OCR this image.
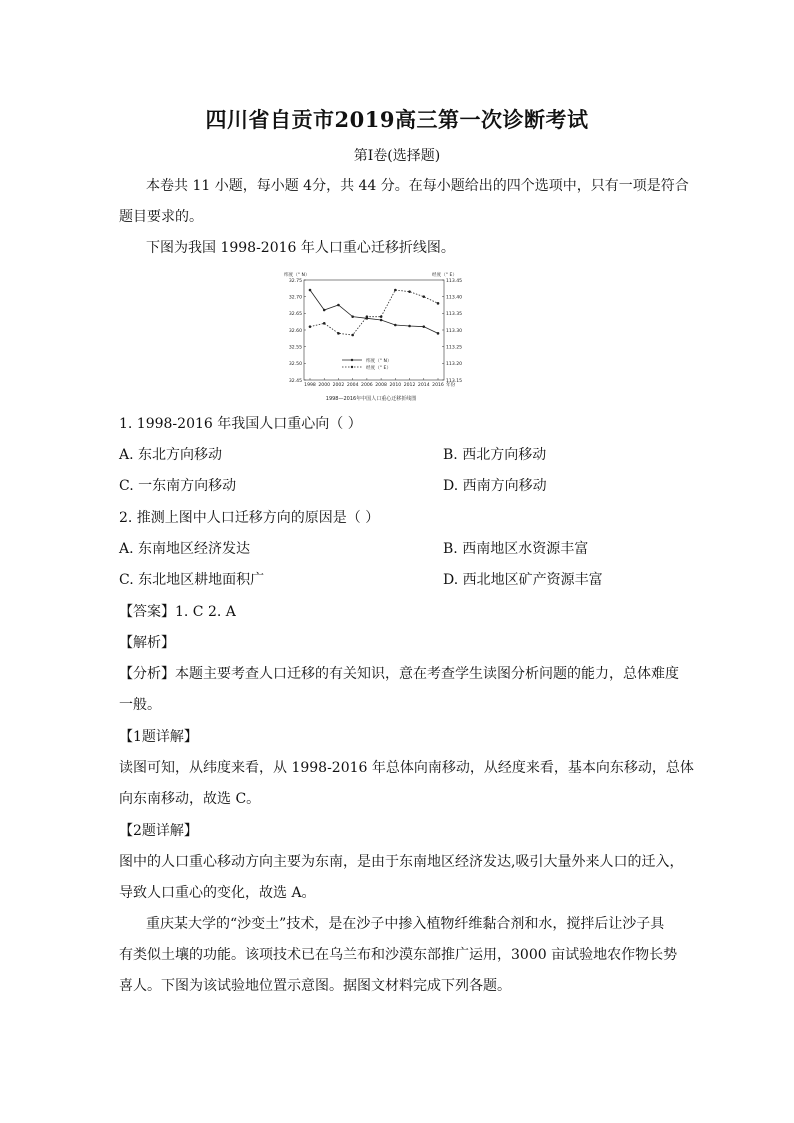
四川省自贡市2019高三第一次诊断考试
第I卷(选择题)
本卷共 11 小题，每小题 4分，共 44 分。在每小题给出的四个选项中，只有一项是符合
题目要求的。
下图为我国 1998-2016 年人口重心迁移折线图。
32.75
32.70
32.65
32.60
32.55
32.50
32.45
113.45
113.40
113.35
113.30
113.25
113.20
113.15
1998 2000 2002 2004 2006 2008 2010 2012 2014 2016 年份
纬度（° N）	经度（° E）
纬度（° N）
经度（° E）
1998—2016年中国人口重心迁移折线图
1. 1998-2016 年我国人口重心向（ ）
A. 东北方向移动	B. 西北方向移动
C. 一东南方向移动	D. 西南方向移动
2. 推测上图中人口迁移方向的原因是（ ）
A. 东南地区经济发达	B. 西南地区水资源丰富
C. 东北地区耕地面积广	D. 西北地区矿产资源丰富
【答案】1. C 2. A
【解析】
【分析】本题主要考查人口迁移的有关知识，意在考查学生读图分析问题的能力，总体难度
一般。
【1题详解】
读图可知，从纬度来看，从 1998-2016 年总体向南移动，从经度来看，基本向东移动，总体
向东南移动，故选 C。
【2题详解】
图中的人口重心移动方向主要为东南，是由于东南地区经济发达,吸引大量外来人口的迁入，
导致人口重心的变化，故选 A。
重庆某大学的“沙变土”技术，是在沙子中掺入植物纤维黏合剂和水，搅拌后让沙子具
有类似土壤的功能。该项技术已在乌兰布和沙漠东部推广运用，3000 亩试验地农作物长势
喜人。下图为该试验地位置示意图。据图文材料完成下列各题。
